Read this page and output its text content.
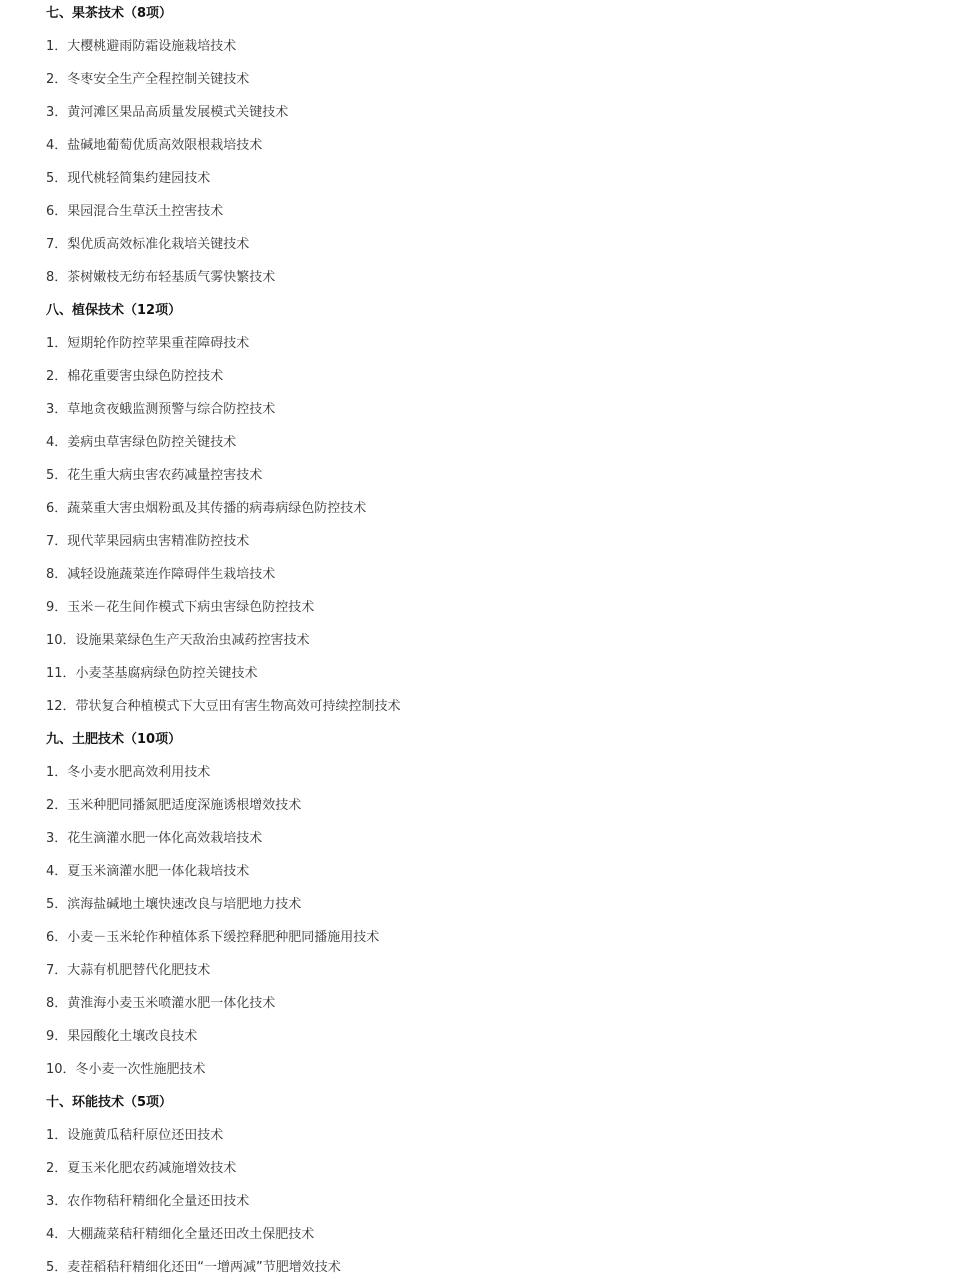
七、果茶技术（8项）

1．大樱桃避雨防霜设施栽培技术

2．冬枣安全生产全程控制关键技术

3．黄河滩区果品高质量发展模式关键技术

4．盐碱地葡萄优质高效限根栽培技术

5．现代桃轻简集约建园技术

6．果园混合生草沃土控害技术

7．梨优质高效标准化栽培关键技术

8．茶树嫩枝无纺布轻基质气雾快繁技术

八、植保技术（12项）

1．短期轮作防控苹果重茬障碍技术

2．棉花重要害虫绿色防控技术

3．草地贪夜蛾监测预警与综合防控技术

4．姜病虫草害绿色防控关键技术

5．花生重大病虫害农药减量控害技术

6．蔬菜重大害虫烟粉虱及其传播的病毒病绿色防控技术

7．现代苹果园病虫害精准防控技术

8．减轻设施蔬菜连作障碍伴生栽培技术

9．玉米－花生间作模式下病虫害绿色防控技术

10．设施果菜绿色生产天敌治虫减药控害技术

11．小麦茎基腐病绿色防控关键技术

12．带状复合种植模式下大豆田有害生物高效可持续控制技术

九、土肥技术（10项）

1．冬小麦水肥高效利用技术

2．玉米种肥同播氮肥适度深施诱根增效技术

3．花生滴灌水肥一体化高效栽培技术

4．夏玉米滴灌水肥一体化栽培技术

5．滨海盐碱地土壤快速改良与培肥地力技术

6．小麦－玉米轮作种植体系下缓控释肥种肥同播施用技术

7．大蒜有机肥替代化肥技术

8．黄淮海小麦玉米喷灌水肥一体化技术

9．果园酸化土壤改良技术

10．冬小麦一次性施肥技术

十、环能技术（5项）

1．设施黄瓜秸秆原位还田技术

2．夏玉米化肥农药减施增效技术

3．农作物秸秆精细化全量还田技术

4．大棚蔬菜秸秆精细化全量还田改土保肥技术

5．麦茬稻秸秆精细化还田“一增两减”节肥增效技术
